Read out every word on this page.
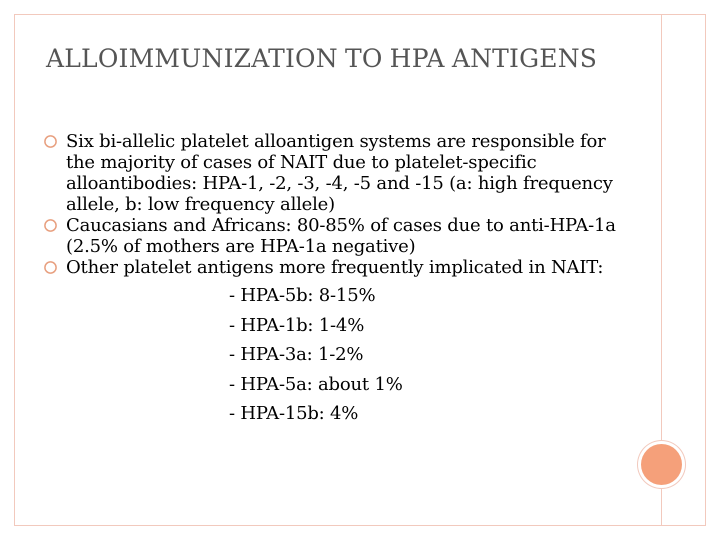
ALLOIMMUNIZATION TO HPA ANTIGENS
Six bi-allelic platelet alloantigen systems are responsible for the majority of cases of NAIT due to platelet-specific alloantibodies: HPA-1, -2, -3, -4, -5 and -15 (a: high frequency allele, b: low frequency allele)
Caucasians and Africans: 80-85% of cases due to anti-HPA-1a (2.5% of mothers are HPA-1a negative)
Other platelet antigens more frequently implicated in NAIT:
- HPA-5b: 8-15%
- HPA-1b: 1-4%
- HPA-3a: 1-2%
- HPA-5a: about 1%
- HPA-15b: 4%
